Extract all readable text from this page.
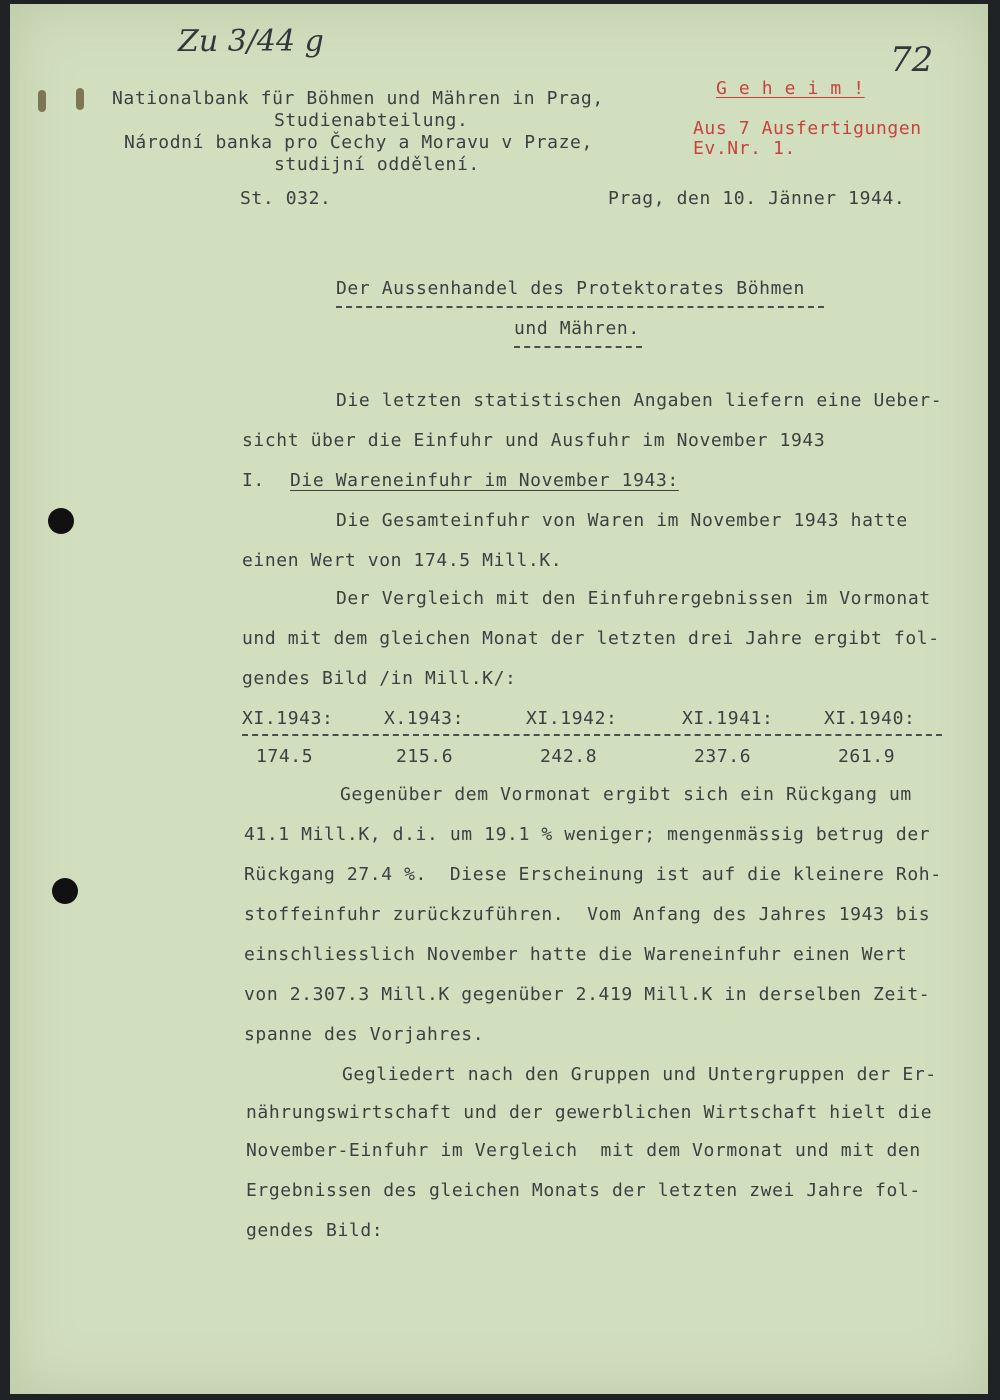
Zu 3/44 g	72
Nationalbank für Böhmen und Mähren in Prag,
Studienabteilung.
Národní banka pro Čechy a Moravu v Praze,
studijní oddělení.
G e h e i m !
Aus 7 Ausfertigungen
Ev.Nr. 1.
St. 032.	Prag, den 10. Jänner 1944.
Der Aussenhandel des Protektorates Böhmen
und Mähren.
Die letzten statistischen Angaben liefern eine Ueber-
sicht über die Einfuhr und Ausfuhr im November 1943
I. Die Wareneinfuhr im November 1943:
Die Gesamteinfuhr von Waren im November 1943 hatte
einen Wert von 174.5 Mill.K.
Der Vergleich mit den Einfuhrergebnissen im Vormonat
und mit dem gleichen Monat der letzten drei Jahre ergibt fol-
gendes Bild /in Mill.K/:
XI.1943:	X.1943:	XI.1942:	XI.1941:	XI.1940:
174.5	215.6	242.8	237.6	261.9
Gegenüber dem Vormonat ergibt sich ein Rückgang um
41.1 Mill.K, d.i. um 19.1 % weniger; mengenmässig betrug der
Rückgang 27.4 %.  Diese Erscheinung ist auf die kleinere Roh-
stoffeinfuhr zurückzuführen.  Vom Anfang des Jahres 1943 bis
einschliesslich November hatte die Wareneinfuhr einen Wert
von 2.307.3 Mill.K gegenüber 2.419 Mill.K in derselben Zeit-
spanne des Vorjahres.
Gegliedert nach den Gruppen und Untergruppen der Er-
nährungswirtschaft und der gewerblichen Wirtschaft hielt die
November-Einfuhr im Vergleich  mit dem Vormonat und mit den
Ergebnissen des gleichen Monats der letzten zwei Jahre fol-
gendes Bild:
